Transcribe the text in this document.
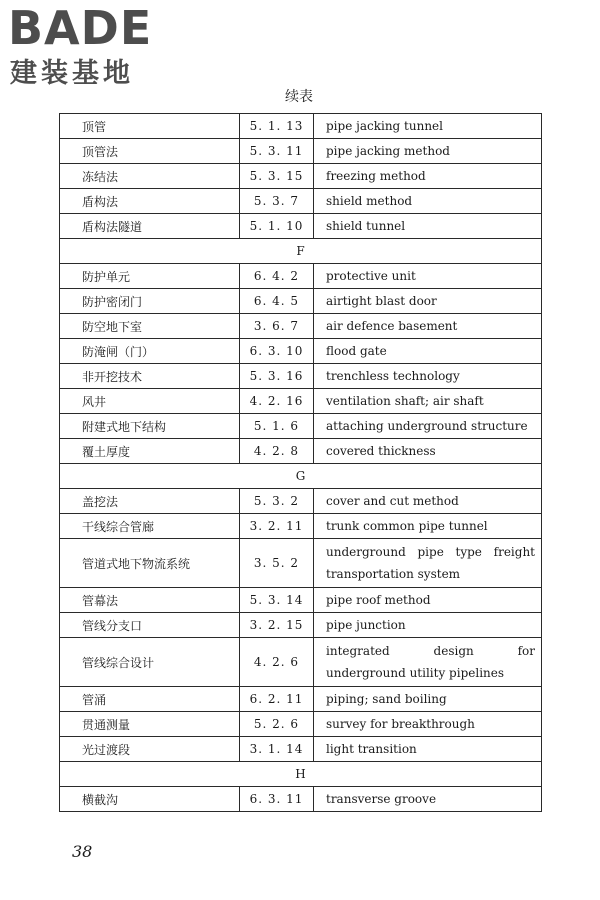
BADE
建装基地
续表
顶管	5. 1. 13	pipe jacking tunnel
顶管法	5. 3. 11	pipe jacking method
冻结法	5. 3. 15	freezing method
盾构法	5. 3. 7	shield method
盾构法隧道	5. 1. 10	shield tunnel
F		
防护单元	6. 4. 2	protective unit
防护密闭门	6. 4. 5	airtight blast door
防空地下室	3. 6. 7	air defence basement
防淹闸（门）	6. 3. 10	flood gate
非开挖技术	5. 3. 16	trenchless technology
风井	4. 2. 16	ventilation shaft; air shaft
附建式地下结构	5. 1. 6	attaching underground structure
覆土厚度	4. 2. 8	covered thickness
G		
盖挖法	5. 3. 2	cover and cut method
干线综合管廊	3. 2. 11	trunk common pipe tunnel
管道式地下物流系统	3. 5. 2	underground pipe type freight transportation system
管幕法	5. 3. 14	pipe roof method
管线分支口	3. 2. 15	pipe junction
管线综合设计	4. 2. 6	integrated design for underground utility pipelines
管涌	6. 2. 11	piping; sand boiling
贯通测量	5. 2. 6	survey for breakthrough
光过渡段	3. 1. 14	light transition
H		
横截沟	6. 3. 11	transverse groove
38
